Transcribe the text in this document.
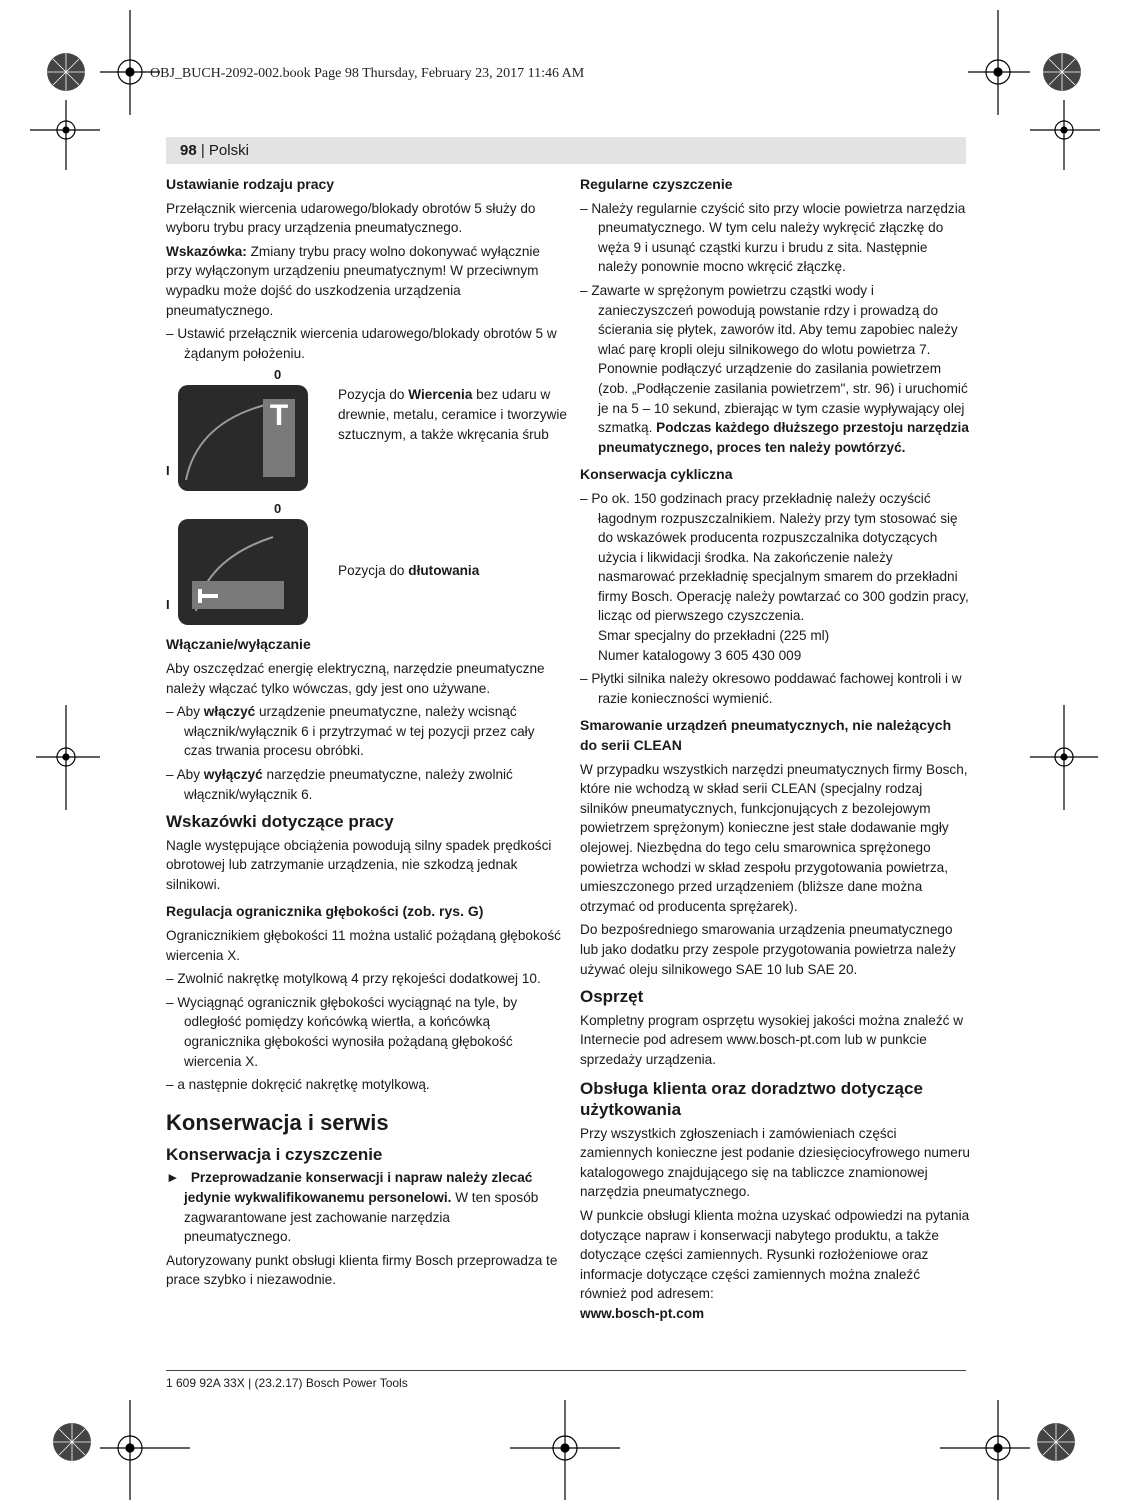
OBJ_BUCH-2092-002.book Page 98 Thursday, February 23, 2017 11:46 AM
98 | Polski
Ustawianie rodzaju pracy

Przełącznik wiercenia udarowego/blokady obrotów 5 służy do wyboru trybu pracy urządzenia pneumatycznego.

Wskazówka: Zmiany trybu pracy wolno dokonywać wyłącznie przy wyłączonym urządzeniu pneumatycznym! W przeciwnym wypadku może dojść do uszkodzenia urządzenia pneumatycznego.

– Ustawić przełącznik wiercenia udarowego/blokady obrotów 5 w żądanym położeniu.

0
I
T
Pozycja do Wiercenia bez udaru w drewnie, metalu, ceramice i tworzywie sztucznym, a także wkręcania śrub
0
I
Pozycja do dłutowania
Włączanie/wyłączanie

Aby oszczędzać energię elektryczną, narzędzie pneumatyczne należy włączać tylko wówczas, gdy jest ono używane.

– Aby włączyć urządzenie pneumatyczne, należy wcisnąć włącznik/wyłącznik 6 i przytrzymać w tej pozycji przez cały czas trwania procesu obróbki.

– Aby wyłączyć narzędzie pneumatyczne, należy zwolnić włącznik/wyłącznik 6.

Wskazówki dotyczące pracy

Nagle występujące obciążenia powodują silny spadek prędkości obrotowej lub zatrzymanie urządzenia, nie szkodzą jednak silnikowi.

Regulacja ogranicznika głębokości (zob. rys. G)

Ogranicznikiem głębokości 11 można ustalić pożądaną głębokość wiercenia X.

– Zwolnić nakrętkę motylkową 4 przy rękojeści dodatkowej 10.

– Wyciągnąć ogranicznik głębokości wyciągnąć na tyle, by odległość pomiędzy końcówką wiertła, a końcówką ogranicznika głębokości wynosiła pożądaną głębokość wiercenia X.

– a następnie dokręcić nakrętkę motylkową.

Konserwacja i serwis
Konserwacja i czyszczenie

► Przeprowadzanie konserwacji i napraw należy zlecać jedynie wykwalifikowanemu personelowi. W ten sposób zagwarantowane jest zachowanie narzędzia pneumatycznego.

Autoryzowany punkt obsługi klienta firmy Bosch przeprowadza te prace szybko i niezawodnie.

Regularne czyszczenie

– Należy regularnie czyścić sito przy wlocie powietrza narzędzia pneumatycznego. W tym celu należy wykręcić złączkę do węża 9 i usunąć cząstki kurzu i brudu z sita. Następnie należy ponownie mocno wkręcić złączkę.

– Zawarte w sprężonym powietrzu cząstki wody i zanieczyszczeń powodują powstanie rdzy i prowadzą do ścierania się płytek, zaworów itd. Aby temu zapobiec należy wlać parę kropli oleju silnikowego do wlotu powietrza 7. Ponownie podłączyć urządzenie do zasilania powietrzem (zob. „Podłączenie zasilania powietrzem", str. 96) i uruchomić je na 5 – 10 sekund, zbierając w tym czasie wypływający olej szmatką. Podczas każdego dłuższego przestoju narzędzia pneumatycznego, proces ten należy powtórzyć.

Konserwacja cykliczna

– Po ok. 150 godzinach pracy przekładnię należy oczyścić łagodnym rozpuszczalnikiem. Należy przy tym stosować się do wskazówek producenta rozpuszczalnika dotyczących użycia i likwidacji środka. Na zakończenie należy nasmarować przekładnię specjalnym smarem do przekładni firmy Bosch. Operację należy powtarzać co 300 godzin pracy, licząc od pierwszego czyszczenia.

Smar specjalny do przekładni (225 ml)

Numer katalogowy 3 605 430 009

– Płytki silnika należy okresowo poddawać fachowej kontroli i w razie konieczności wymienić.

Smarowanie urządzeń pneumatycznych, nie należących do serii CLEAN

W przypadku wszystkich narzędzi pneumatycznych firmy Bosch, które nie wchodzą w skład serii CLEAN (specjalny rodzaj silników pneumatycznych, funkcjonujących z bezolejowym powietrzem sprężonym) konieczne jest stałe dodawanie mgły olejowej. Niezbędna do tego celu smarownica sprężonego powietrza wchodzi w skład zespołu przygotowania powietrza, umieszczonego przed urządzeniem (bliższe dane można otrzymać od producenta sprężarek).

Do bezpośredniego smarowania urządzenia pneumatycznego lub jako dodatku przy zespole przygotowania powietrza należy używać oleju silnikowego SAE 10 lub SAE 20.

Osprzęt

Kompletny program osprzętu wysokiej jakości można znaleźć w Internecie pod adresem www.bosch-pt.com lub w punkcie sprzedaży urządzenia.

Obsługa klienta oraz doradztwo dotyczące użytkowania

Przy wszystkich zgłoszeniach i zamówieniach części zamiennych konieczne jest podanie dziesięciocyfrowego numeru katalogowego znajdującego się na tabliczce znamionowej narzędzia pneumatycznego.

W punkcie obsługi klienta można uzyskać odpowiedzi na pytania dotyczące napraw i konserwacji nabytego produktu, a także dotyczące części zamiennych. Rysunki rozłożeniowe oraz informacje dotyczące części zamiennych można znaleźć również pod adresem:

www.bosch-pt.com

1 609 92A 33X | (23.2.17) Bosch Power Tools
